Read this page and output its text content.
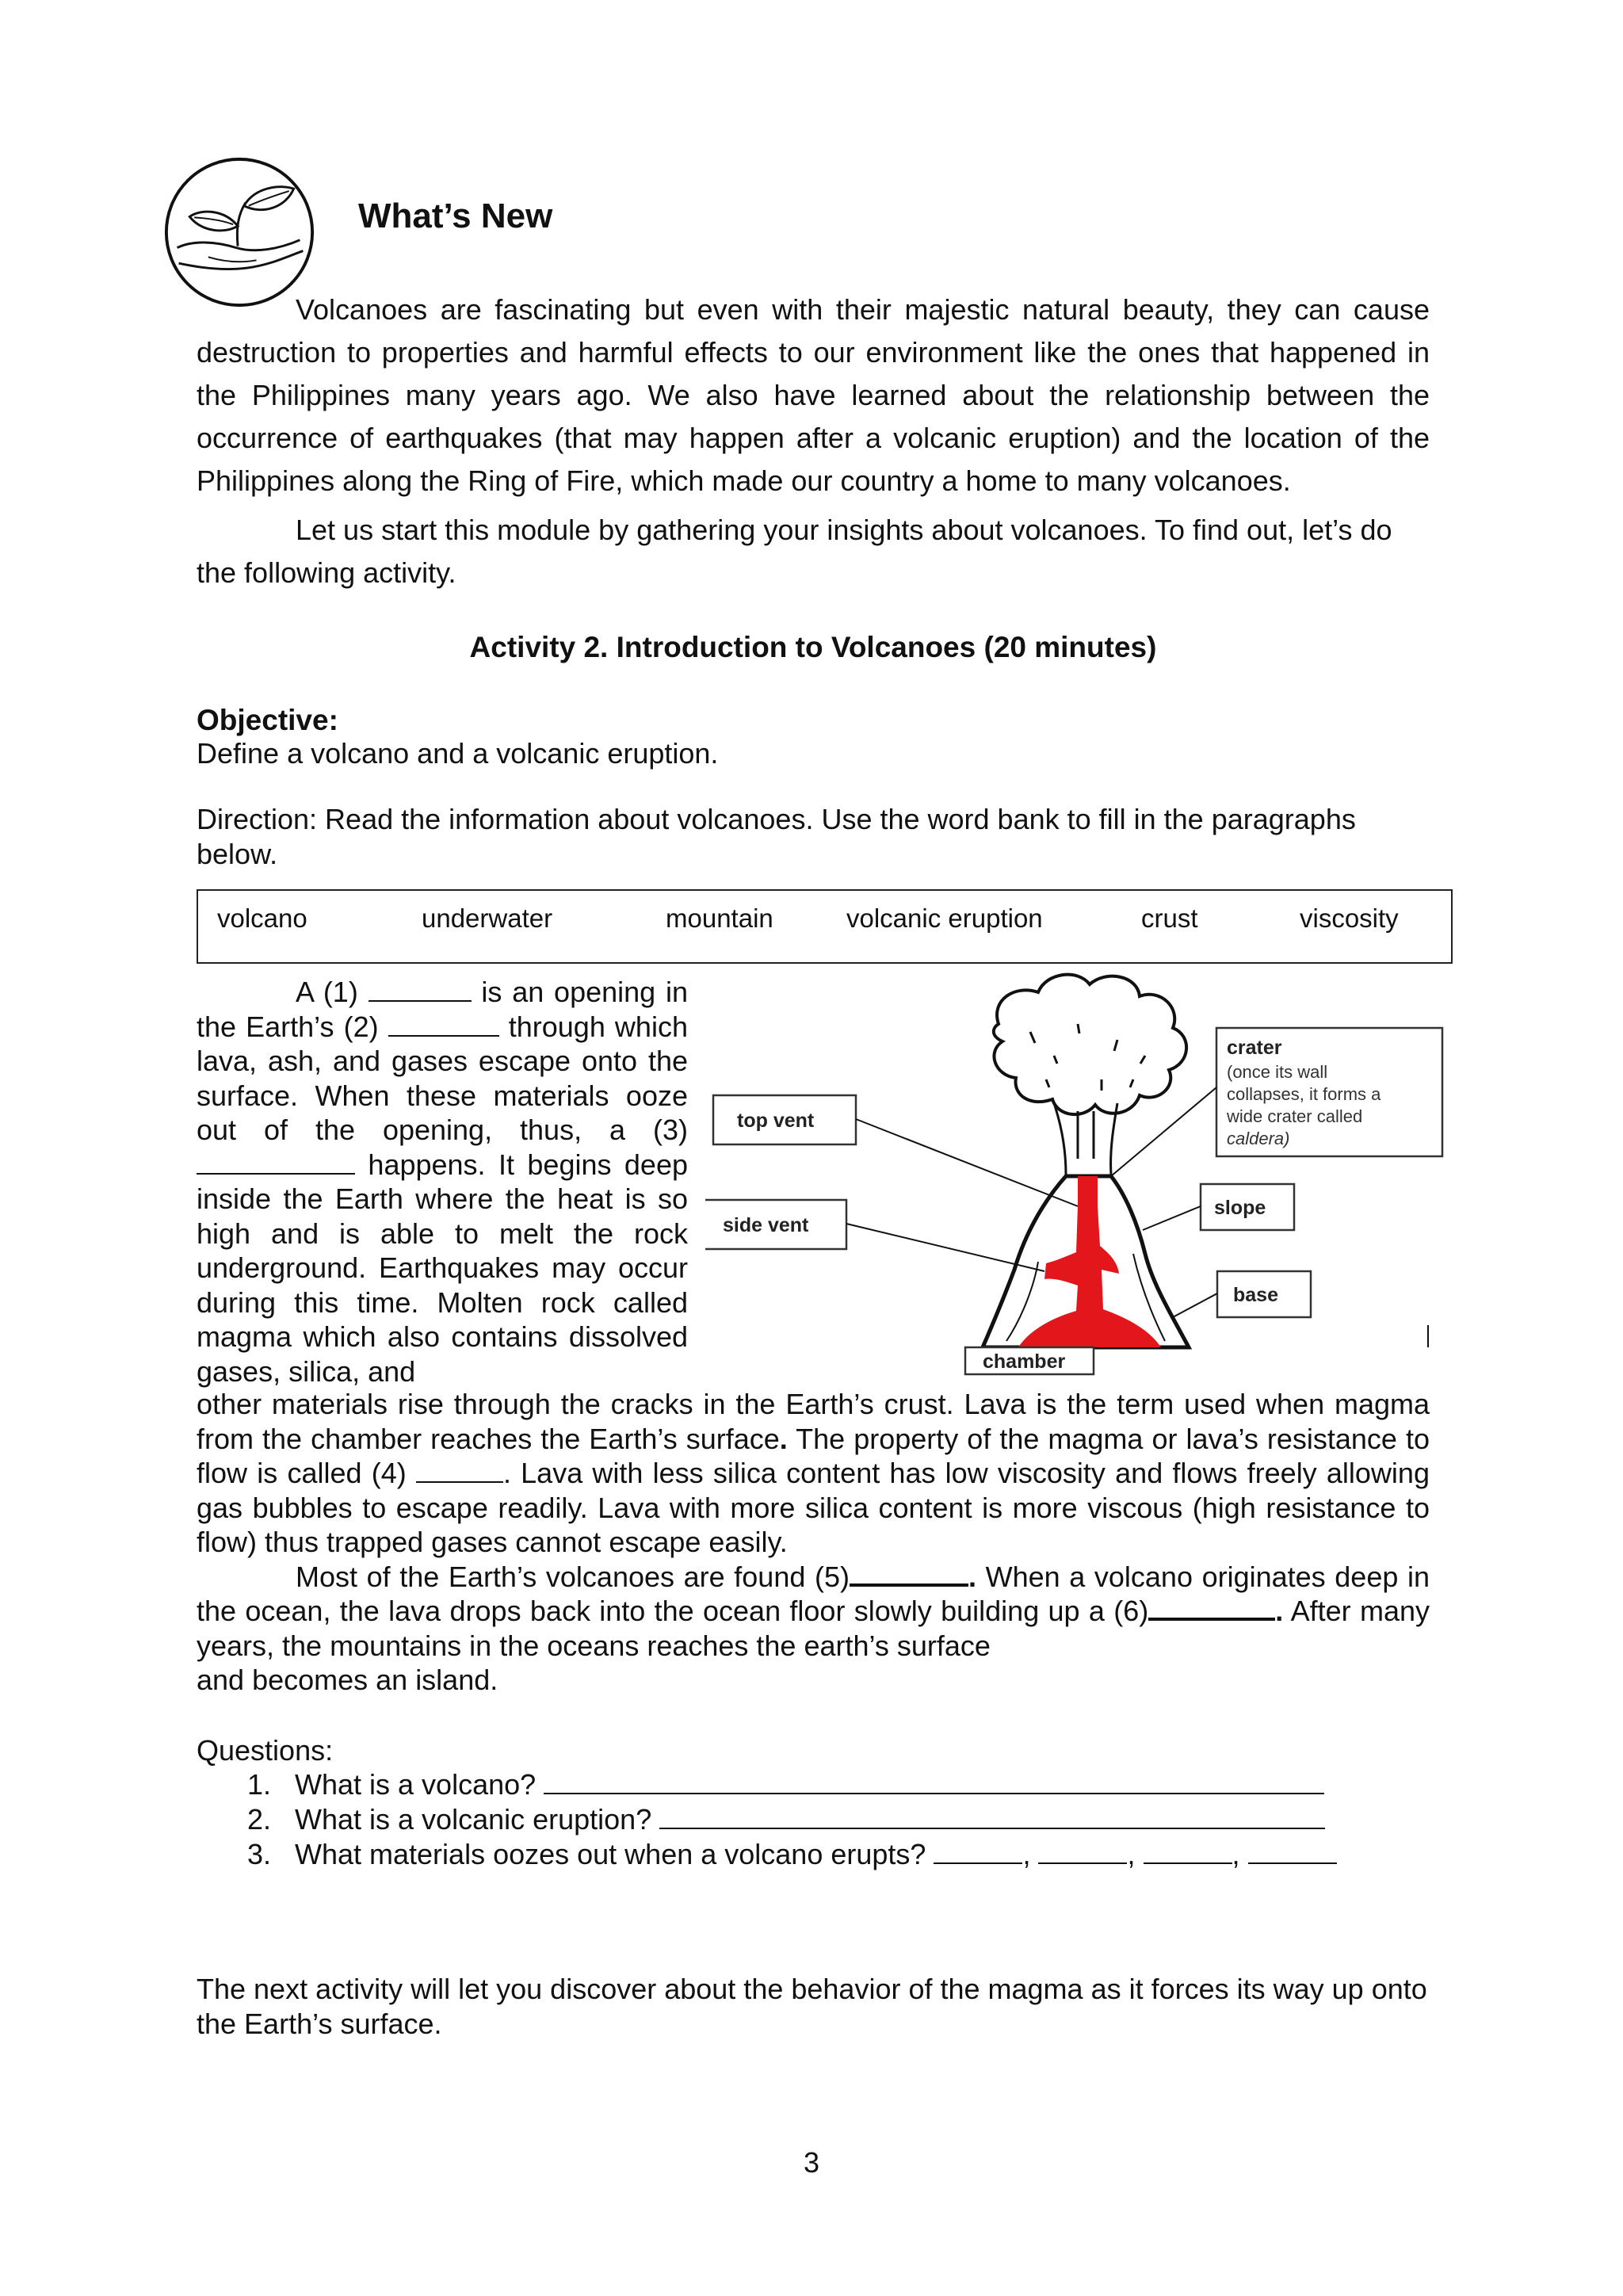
What’s New

Volcanoes are fascinating but even with their majestic natural beauty, they can cause destruction to properties and harmful effects to our environment like the ones that happened in the Philippines many years ago. We also have learned about the relationship between the occurrence of earthquakes (that may happen after a volcanic eruption) and the location of the Philippines along the Ring of Fire, which made our country a home to many volcanoes.

Let us start this module by gathering your insights about volcanoes. To find out, let’s do the following activity.

Activity 2. Introduction to Volcanoes (20 minutes)

Objective:

Define a volcano and a volcanic eruption.

Direction: Read the information about volcanoes. Use the word bank to fill in the paragraphs below.

volcano	underwater	mountain	volcanic eruption	crust	viscosity

A (1)	is an opening in the Earth’s (2)	through which lava, ash, and gases escape onto the surface. When these materials ooze out of the opening, thus, a (3)  happens. It begins deep inside the Earth where the heat is so high and is able to melt the rock underground. Earthquakes may occur during this time. Molten rock called magma which also contains dissolved gases, silica, and

top vent
side vent
crater
(once its wall
collapses, it forms a
wide crater called
caldera)
slope
base
chamber

other materials rise through the cracks in the Earth’s crust. Lava is the term used when magma from the chamber reaches the Earth’s surface. The property of the magma or lava’s resistance to flow is called (4)	. Lava with less silica content has low viscosity and flows freely allowing gas bubbles to escape readily. Lava with more silica content is more viscous (high resistance to flow) thus trapped gases cannot escape easily.

Most of the Earth’s volcanoes are found (5)	. When a volcano originates deep in the ocean, the lava drops back into the ocean floor slowly building up a (6)	. After many years, the mountains in the oceans reaches the earth’s surface

and becomes an island.

Questions:

1. What is a volcano?
2. What is a volcanic eruption?
3. What materials oozes out when a volcano erupts?	,	,	,

The next activity will let you discover about the behavior of the magma as it forces its way up onto the Earth’s surface.

3
